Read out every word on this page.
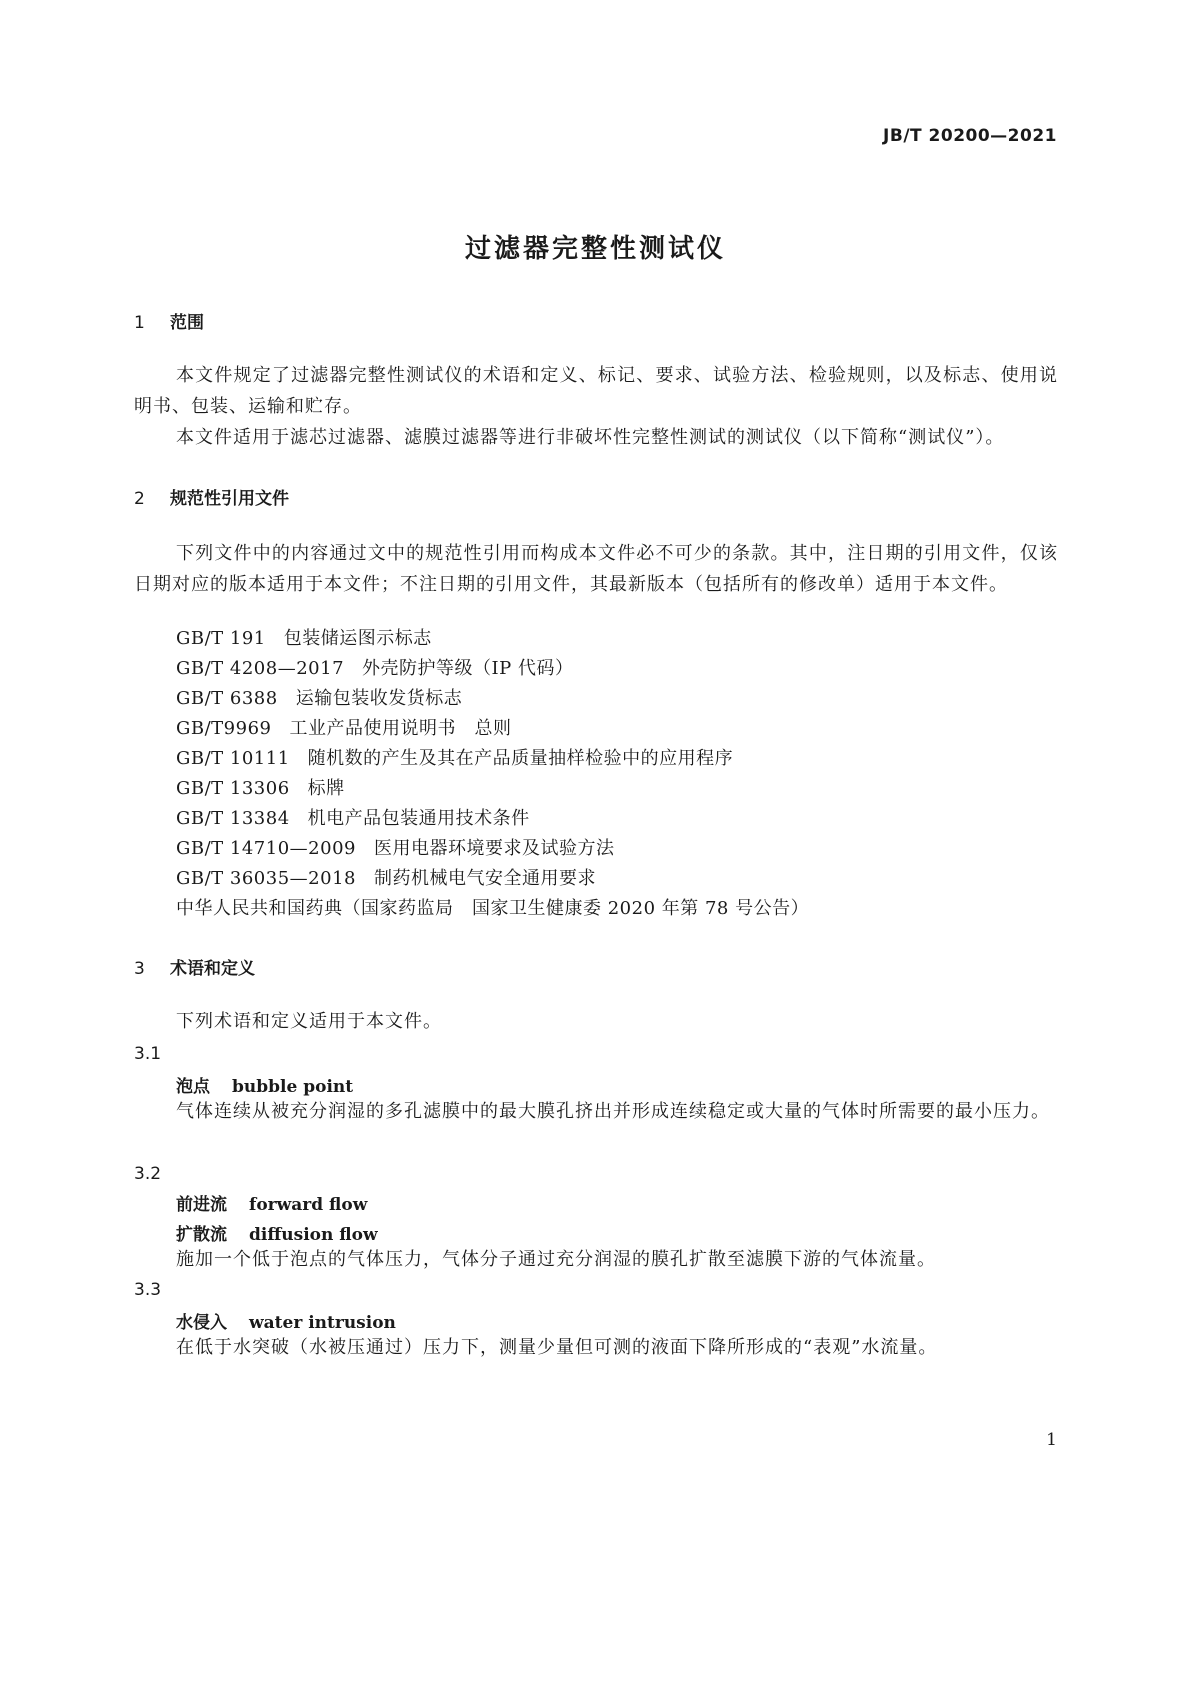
JB/T 20200—2021
过滤器完整性测试仪
1 范围
本文件规定了过滤器完整性测试仪的术语和定义、标记、要求、试验方法、检验规则，以及标志、使用说明书、包装、运输和贮存。
本文件适用于滤芯过滤器、滤膜过滤器等进行非破坏性完整性测试的测试仪（以下简称“测试仪”）。
2 规范性引用文件
下列文件中的内容通过文中的规范性引用而构成本文件必不可少的条款。其中，注日期的引用文件，仅该日期对应的版本适用于本文件；不注日期的引用文件，其最新版本（包括所有的修改单）适用于本文件。
GB/T 191 包装储运图示标志
GB/T 4208—2017 外壳防护等级（IP 代码）
GB/T 6388 运输包装收发货标志
GB/T9969 工业产品使用说明书　总则
GB/T 10111 随机数的产生及其在产品质量抽样检验中的应用程序
GB/T 13306 标牌
GB/T 13384 机电产品包装通用技术条件
GB/T 14710—2009 医用电器环境要求及试验方法
GB/T 36035—2018 制药机械电气安全通用要求
中华人民共和国药典（国家药监局　国家卫生健康委 2020 年第 78 号公告）
3 术语和定义
下列术语和定义适用于本文件。
3.1
泡点 bubble point
气体连续从被充分润湿的多孔滤膜中的最大膜孔挤出并形成连续稳定或大量的气体时所需要的最小压力。
3.2
前进流 forward flow
扩散流 diffusion flow
施加一个低于泡点的气体压力，气体分子通过充分润湿的膜孔扩散至滤膜下游的气体流量。
3.3
水侵入 water intrusion
在低于水突破（水被压通过）压力下，测量少量但可测的液面下降所形成的“表观”水流量。
1
